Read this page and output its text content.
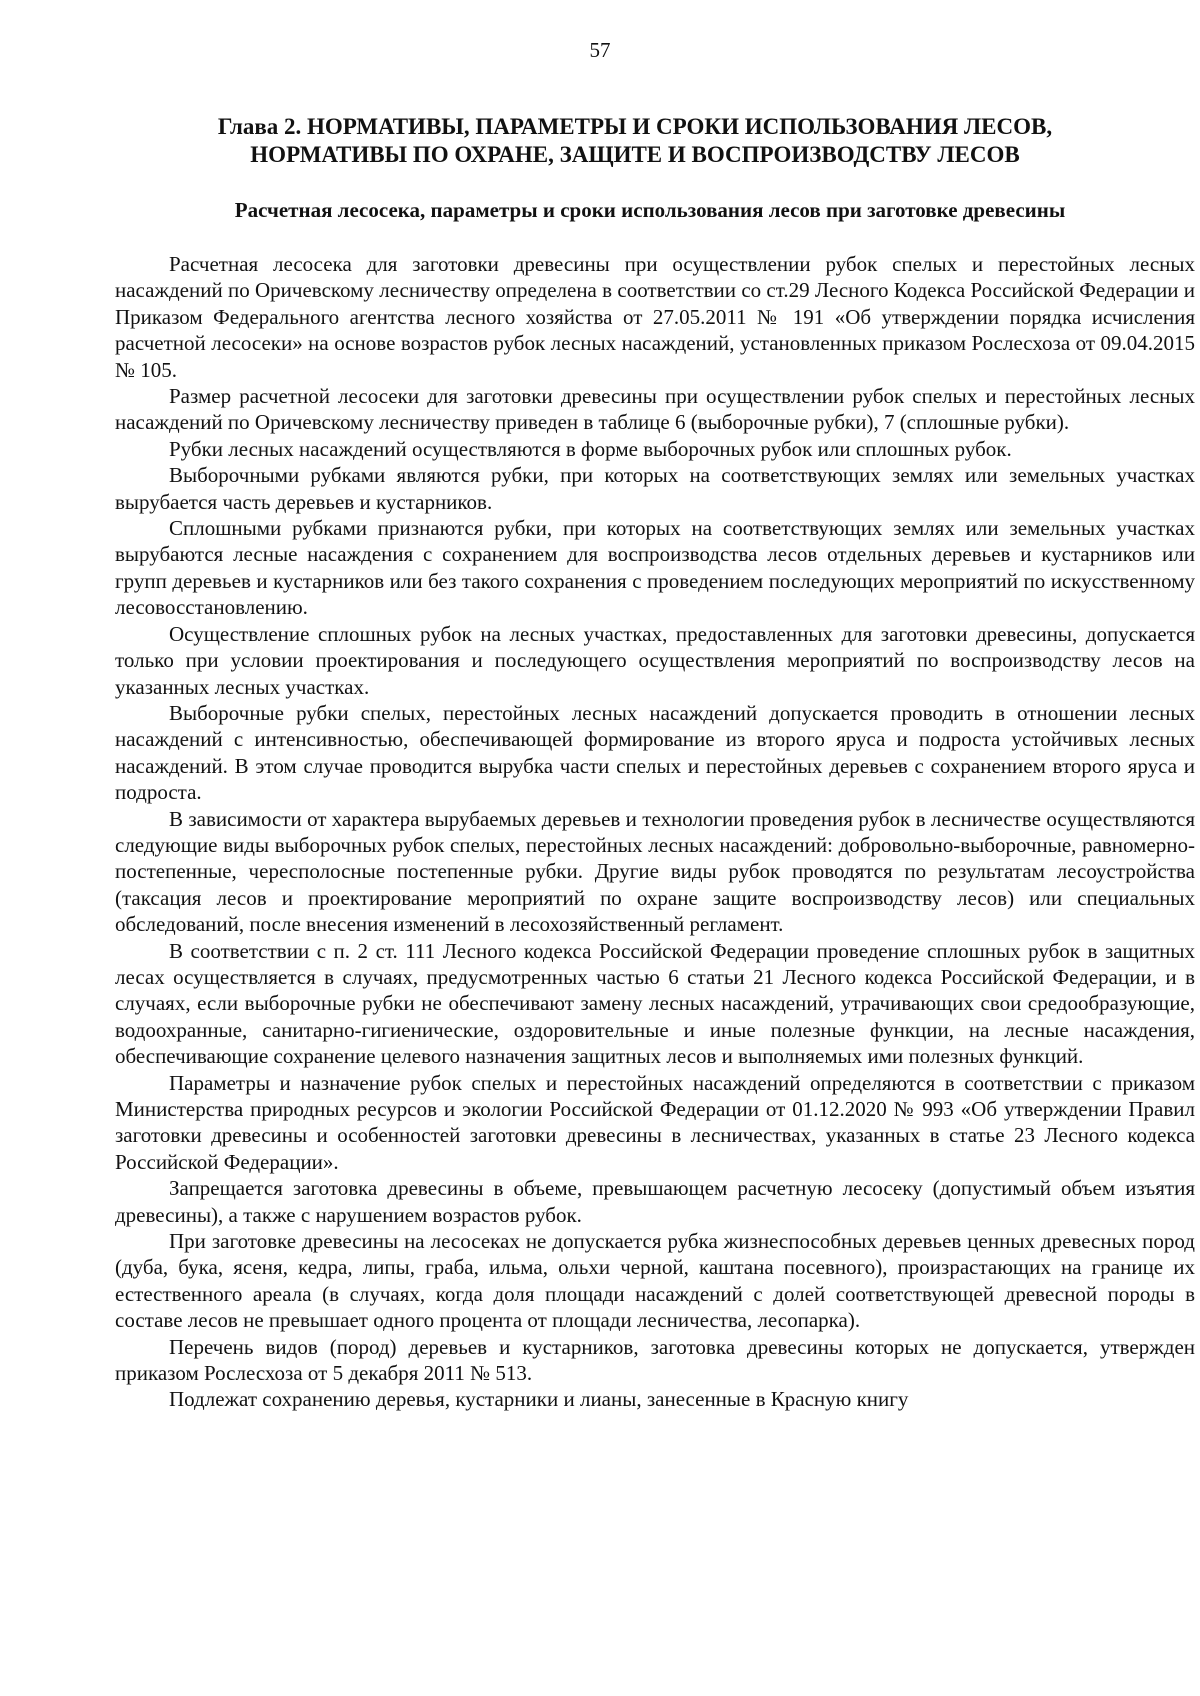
57
Глава 2. НОРМАТИВЫ, ПАРАМЕТРЫ И СРОКИ ИСПОЛЬЗОВАНИЯ ЛЕСОВ,
НОРМАТИВЫ ПО ОХРАНЕ, ЗАЩИТЕ И ВОСПРОИЗВОДСТВУ ЛЕСОВ
Расчетная лесосека, параметры и сроки использования лесов при заготовке древесины

Расчетная лесосека для заготовки древесины при осуществлении рубок спелых и перестойных лесных насаждений по Оричевскому лесничеству определена в соответствии со ст.29 Лесного Кодекса Российской Федерации и Приказом Федерального агентства лесного хозяйства от 27.05.2011 № 191 «Об утверждении порядка исчисления расчетной лесосеки» на основе возрастов рубок лесных насаждений, установленных приказом Рослесхоза от 09.04.2015 № 105.

Размер расчетной лесосеки для заготовки древесины при осуществлении рубок спелых и перестойных лесных насаждений по Оричевскому лесничеству приведен в таблице 6 (выборочные рубки), 7 (сплошные рубки).

Рубки лесных насаждений осуществляются в форме выборочных рубок или сплошных рубок.

Выборочными рубками являются рубки, при которых на соответствующих землях или земельных участках вырубается часть деревьев и кустарников.

Сплошными рубками признаются рубки, при которых на соответствующих землях или земельных участках вырубаются лесные насаждения с сохранением для воспроизводства лесов отдельных деревьев и кустарников или групп деревьев и кустарников или без такого сохранения с проведением последующих мероприятий по искусственному лесовосстановлению.

Осуществление сплошных рубок на лесных участках, предоставленных для заготовки древесины, допускается только при условии проектирования и последующего осуществления мероприятий по воспроизводству лесов на указанных лесных участках.

Выборочные рубки спелых, перестойных лесных насаждений допускается проводить в отношении лесных насаждений с интенсивностью, обеспечивающей формирование из второго яруса и подроста устойчивых лесных насаждений. В этом случае проводится вырубка части спелых и перестойных деревьев с сохранением второго яруса и подроста.

В зависимости от характера вырубаемых деревьев и технологии проведения рубок в лесничестве осуществляются следующие виды выборочных рубок спелых, перестойных лесных насаждений: добровольно-выборочные, равномерно-постепенные, чересполосные постепенные рубки. Другие виды рубок проводятся по результатам лесоустройства (таксация лесов и проектирование мероприятий по охране защите воспроизводству лесов) или специальных обследований, после внесения изменений в лесохозяйственный регламент.

В соответствии с п. 2 ст. 111 Лесного кодекса Российской Федерации проведение сплошных рубок в защитных лесах осуществляется в случаях, предусмотренных частью 6 статьи 21 Лесного кодекса Российской Федерации, и в случаях, если выборочные рубки не обеспечивают замену лесных насаждений, утрачивающих свои средообразующие, водоохранные, санитарно-гигиенические, оздоровительные и иные полезные функции, на лесные насаждения, обеспечивающие сохранение целевого назначения защитных лесов и выполняемых ими полезных функций.

Параметры и назначение рубок спелых и перестойных насаждений определяются в соответствии с приказом Министерства природных ресурсов и экологии Российской Федерации от 01.12.2020 № 993 «Об утверждении Правил заготовки древесины и особенностей заготовки древесины в лесничествах, указанных в статье 23 Лесного кодекса Российской Федерации».

Запрещается заготовка древесины в объеме, превышающем расчетную лесосеку (допустимый объем изъятия древесины), а также с нарушением возрастов рубок.

При заготовке древесины на лесосеках не допускается рубка жизнеспособных деревьев ценных древесных пород (дуба, бука, ясеня, кедра, липы, граба, ильма, ольхи черной, каштана посевного), произрастающих на границе их естественного ареала (в случаях, когда доля площади насаждений с долей соответствующей древесной породы в составе лесов не превышает одного процента от площади лесничества, лесопарка).

Перечень видов (пород) деревьев и кустарников, заготовка древесины которых не допускается, утвержден приказом Рослесхоза от 5 декабря 2011 № 513.

Подлежат сохранению деревья, кустарники и лианы, занесенные в Красную книгу
